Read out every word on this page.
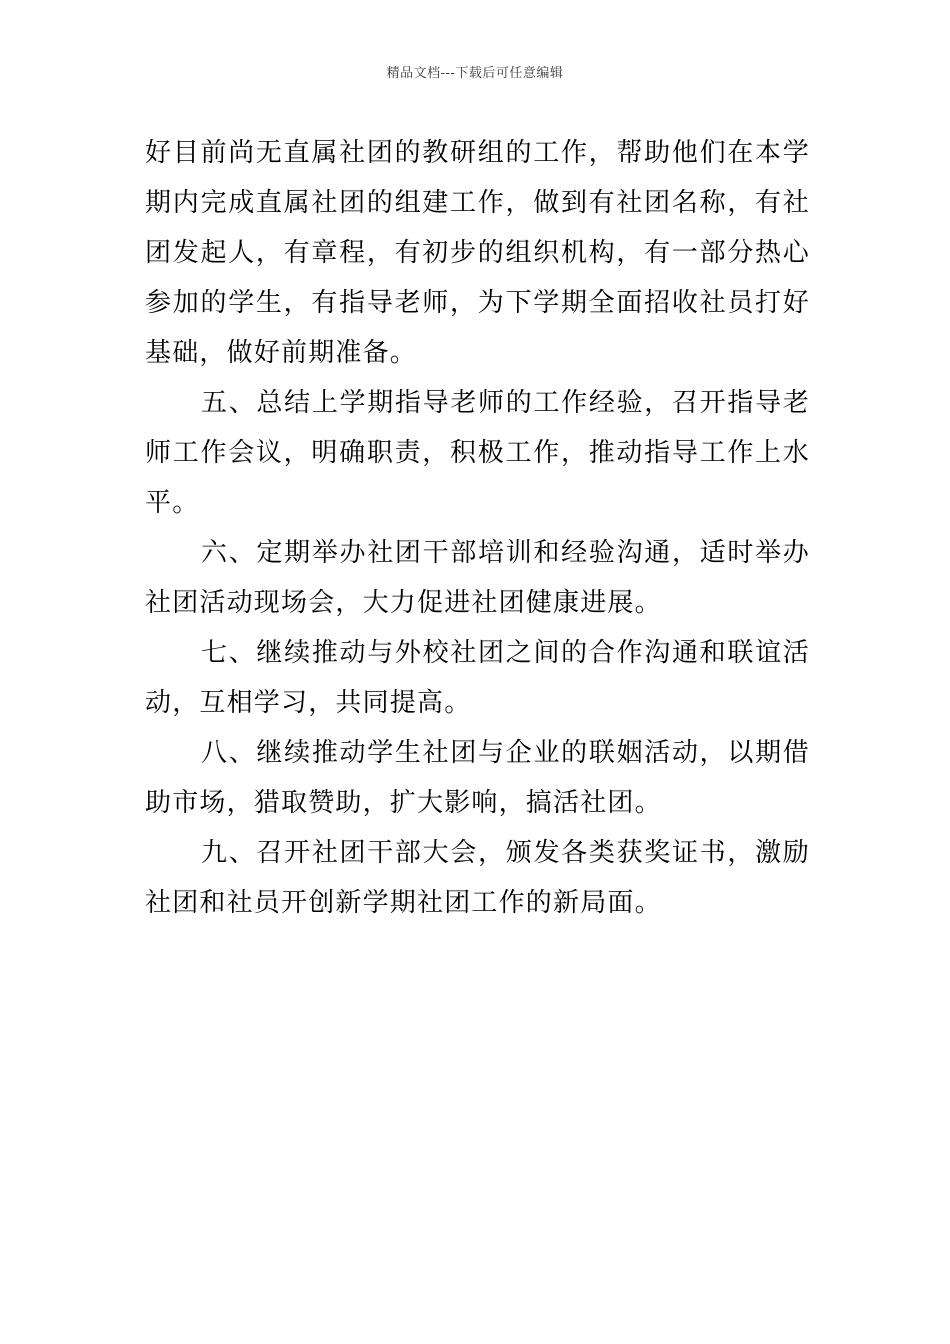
精品文档---下载后可任意编辑

好目前尚无直属社团的教研组的工作，帮助他们在本学期内完成直属社团的组建工作，做到有社团名称，有社团发起人，有章程，有初步的组织机构，有一部分热心参加的学生，有指导老师，为下学期全面招收社员打好基础，做好前期准备。

五、总结上学期指导老师的工作经验，召开指导老师工作会议，明确职责，积极工作，推动指导工作上水平。

六、定期举办社团干部培训和经验沟通，适时举办社团活动现场会，大力促进社团健康进展。

七、继续推动与外校社团之间的合作沟通和联谊活动，互相学习，共同提高。

八、继续推动学生社团与企业的联姻活动，以期借助市场，猎取赞助，扩大影响，搞活社团。

九、召开社团干部大会，颁发各类获奖证书，激励社团和社员开创新学期社团工作的新局面。
